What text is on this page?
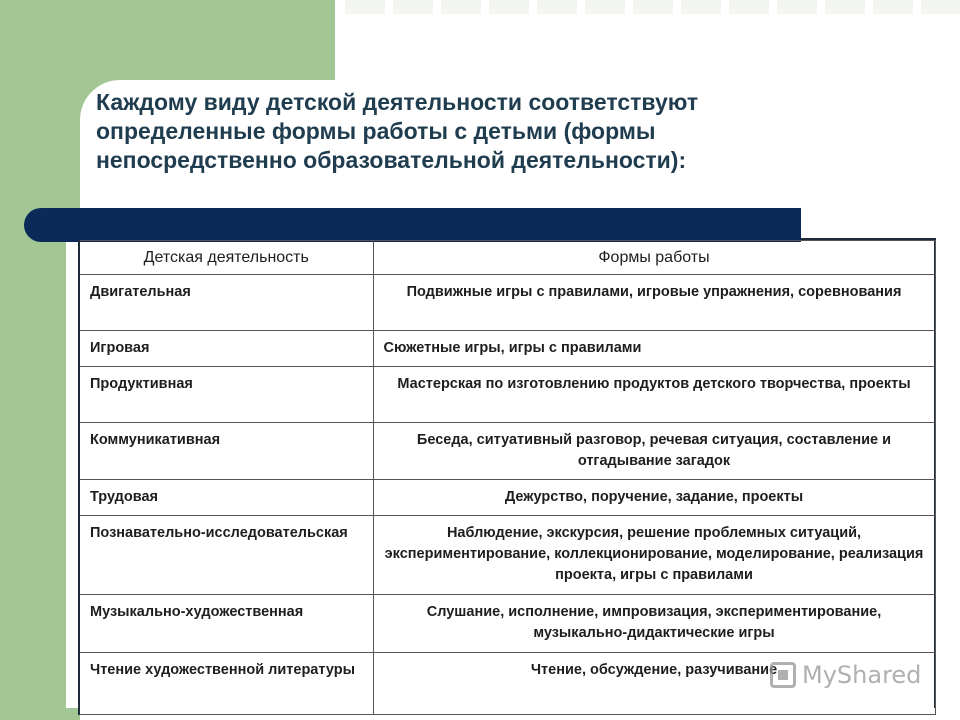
Каждому виду детской деятельности соответствуют определенные формы работы с детьми (формы непосредственно образовательной деятельности):
Детская деятельность	Формы работы
Двигательная	Подвижные игры с правилами, игровые упражнения, соревнования
Игровая	Сюжетные игры, игры с правилами
Продуктивная	Мастерская по изготовлению продуктов детского творчества, проекты
Коммуникативная	Беседа, ситуативный разговор, речевая ситуация, составление и отгадывание загадок
Трудовая	Дежурство, поручение, задание, проекты
Познавательно-исследовательская	Наблюдение, экскурсия, решение проблемных ситуаций, экспериментирование, коллекционирование, моделирование, реализация проекта, игры с правилами
Музыкально-художественная	Слушание, исполнение, импровизация, экспериментирование, музыкально-дидактические игры
Чтение художественной литературы	Чтение, обсуждение, разучивание MyShared
